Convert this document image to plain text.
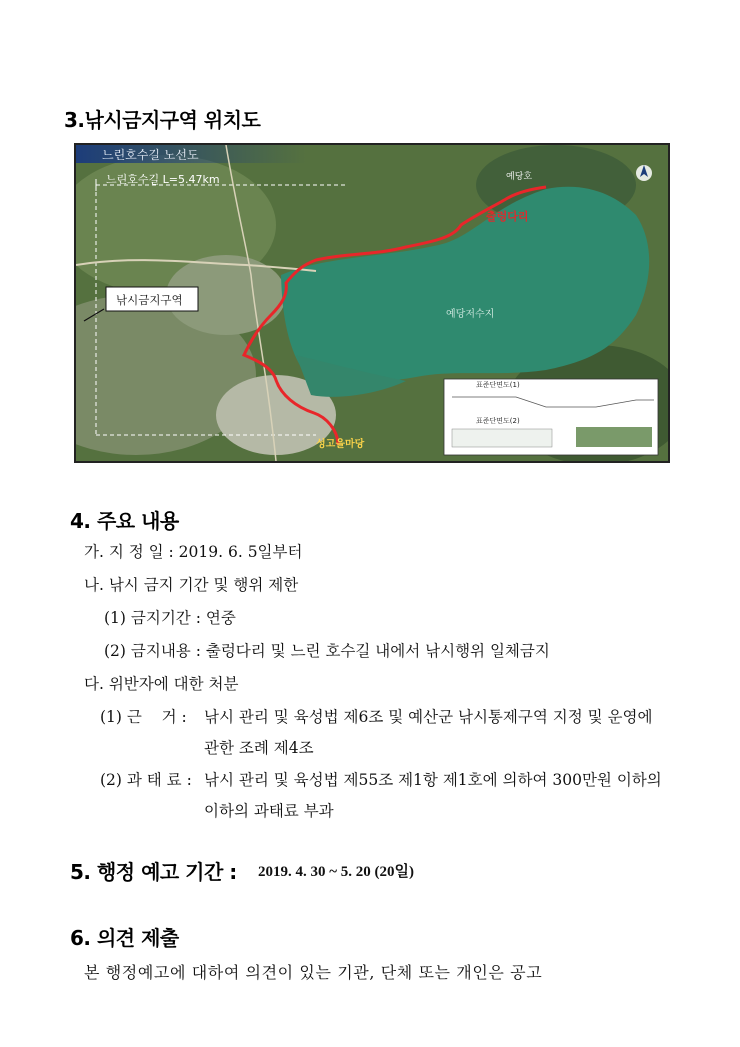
3.낚시금지구역 위치도
느린호수길 노선도
느린호수길 L=5.47km
출렁다리
예당호
성고을마당
예당저수지
낚시금지구역
표준단면도(1)
표준단면도(2)
4. 주요 내용
가. 지 정 일 : 2019. 6. 5일부터
나. 낚시 금지 기간 및 행위 제한
(1) 금지기간 : 연중
(2) 금지내용 : 출렁다리 및 느린 호수길 내에서 낚시행위 일체금지
다. 위반자에 대한 처분
(1) 근    거 : 낚시 관리 및 육성법 제6조 및 예산군 낚시통제구역 지정 및 운영에
관한 조례 제4조
(2) 과 태 료 : 낚시 관리 및 육성법 제55조 제1항 제1호에 의하여 300만원 이하의
이하의 과태료 부과
5. 행정 예고 기간 : 2019. 4. 30 ~ 5. 20 (20일)
6. 의견 제출
본 행정예고에 대하여 의견이 있는 기관, 단체 또는 개인은 공고
